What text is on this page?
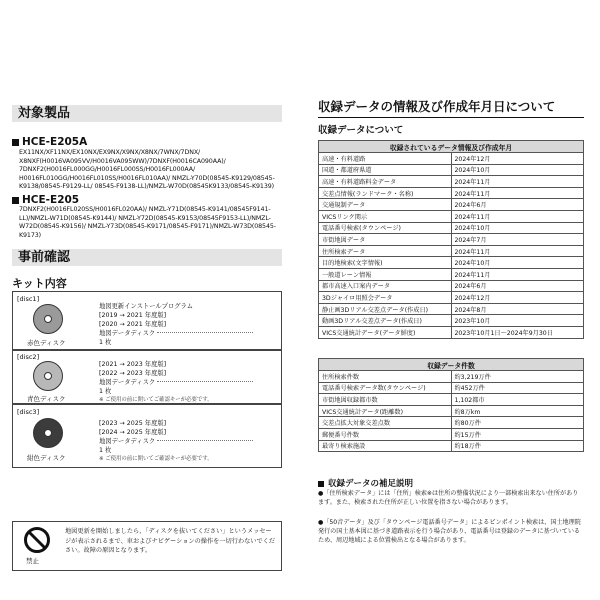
対象製品
HCE-E205A
EX11NX/XF11NX/EX10NX/EX9NX/X9NX/X8NX/7WNX/7DNX/ X8NXF(H0016VA095VV/H0016VA095WW)/7DNXF(H0016CA090AA)/ 7DNXF2(H0016FL000GG/H0016FL000SS/H0016FL000AA/ H0016FL010GG/H0016FL010SS/H0016FL010AA)/ NMZL-Y70D(08545-K9129/08545-K9138/08545-F9129-LL/ 08545-F9138-LL)/NMZL-W70D(08545K9133/08545-K9139)
HCE-E205
7DNXF2(H0016FL020SS/H0016FL020AA)/ NMZL-Y71D(08545-K9141/08545F9141-LL)/NMZL-W71D(08545-K9144)/ NMZL-Y72D(08545-K9153/08545F9153-LL)/NMZL-W72D(08545-K9156)/ NMZL-Y73D(08545-K9171/08545-F9171)/NMZL-W73D(08545-K9173)
事前確認
キット内容
[disc1]
赤色ディスク
地図更新インストールプログラム
[2019 → 2021 年度版]
[2020 → 2021 年度版]
地図データディスク 1 枚
[disc2]
青色ディスク
[2021 → 2023 年度版]
[2022 → 2023 年度版]
地図データディスク 1 枚
※ ご使用の前に開いてご確認キーが必要です。
[disc3]
紺色ディスク
[2023 → 2025 年度版]
[2024 → 2025 年度版]
地図データディスク 1 枚
※ ご使用の前に開いてご確認キーが必要です。
禁止
地図更新を開始しましたら、「ディスクを抜いてください」というメッセージが表示されるまで、車およびナビゲーションの操作を一切行わないでください。故障の原因となります。
収録データの情報及び作成年月日について
収録データについて
収録されているデータ情報及び作成年月	
高速・有料道路	2024年12月
国道・都道府県道	2024年10月
高速・有料道路料金データ	2024年11月
交差点情報(ランドマーク・名称)	2024年11月
交通規制データ	2024年6月
VICSリンク関示	2024年11月
電話番号検索(タウンページ)	2024年10月
市街地図データ	2024年7月
住所検索データ	2024年11月
目的地検索(文字情報)	2024年10月
一般道レーン情報	2024年11月
都市高速入口案内データ	2024年6月
3Dジャイロ用照会データ	2024年12月
静止画3Dリアル交差点データ(作成日)	2024年8月
動画3Dリアル交差点データ(作成日)	2023年10月
VICS交通統計データ(データ鮮度)	2023年10月1日～2024年9月30日
収録データ件数	
住所検索件数	約3,219万件
電話番号検索データ数(タウンページ)	約452万件
市街地図収録都市数	1,102都市
VICS交通統計データ(距離数)	約8万km
交差点拡大対象交差点数	約80万件
郵便番号件数	約15万件
最寄り検索施設	約18万件
収録データの補足説明
●「住所検索データ」には「住所」検索※は住所の整備状況により一部検索出来ない住所があります。また、検索された住所が正しい位置を指さない場合があります。
●「50音データ」及び「タウンページ電話番号データ」によるピンポイント検索は、国土地理院発行の国土基本図に基づき道路表示を行う場合があり、電話番号は登録のデータに基づいているため、周辺地域による位置検出となる場合があります。
